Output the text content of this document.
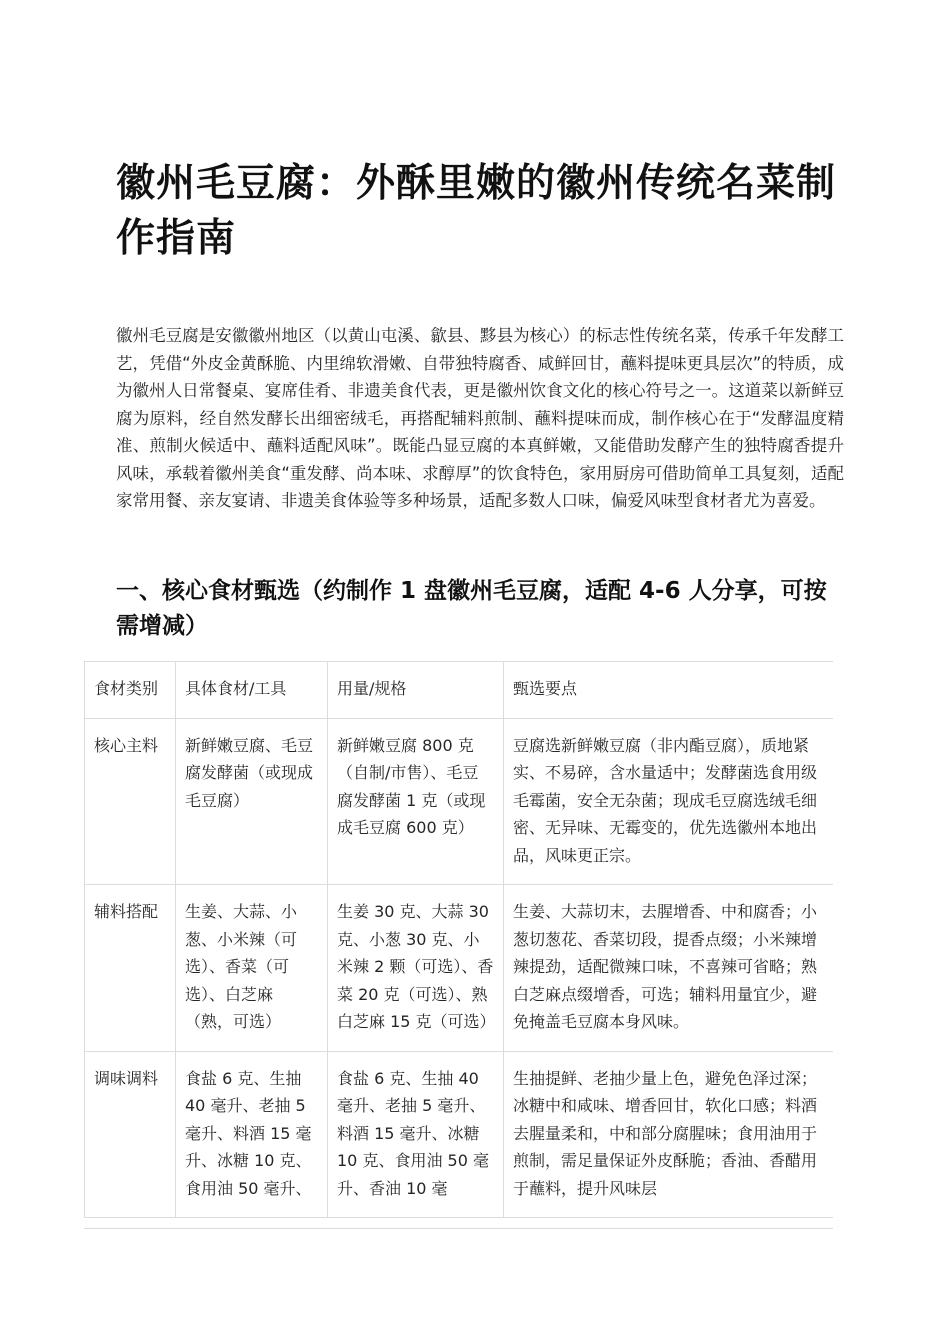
徽州毛豆腐：外酥里嫩的徽州传统名菜制作指南

徽州毛豆腐是安徽徽州地区（以黄山屯溪、歙县、黟县为核心）的标志性传统名菜，传承千年发酵工艺，凭借“外皮金黄酥脆、内里绵软滑嫩、自带独特腐香、咸鲜回甘，蘸料提味更具层次”的特质，成为徽州人日常餐桌、宴席佳肴、非遗美食代表，更是徽州饮食文化的核心符号之一。这道菜以新鲜豆腐为原料，经自然发酵长出细密绒毛，再搭配辅料煎制、蘸料提味而成，制作核心在于“发酵温度精准、煎制火候适中、蘸料适配风味”。既能凸显豆腐的本真鲜嫩，又能借助发酵产生的独特腐香提升风味，承载着徽州美食“重发酵、尚本味、求醇厚”的饮食特色，家用厨房可借助简单工具复刻，适配家常用餐、亲友宴请、非遗美食体验等多种场景，适配多数人口味，偏爱风味型食材者尤为喜爱。

一、核心食材甄选（约制作 1 盘徽州毛豆腐，适配 4-6 人分享，可按需增减）
食材类别	具体食材/工具	用量/规格	甄选要点
核心主料	新鲜嫩豆腐、毛豆腐发酵菌（或现成毛豆腐）	新鲜嫩豆腐 800 克（自制/市售）、毛豆腐发酵菌 1 克（或现成毛豆腐 600 克）	豆腐选新鲜嫩豆腐（非内酯豆腐），质地紧实、不易碎，含水量适中；发酵菌选食用级毛霉菌，安全无杂菌；现成毛豆腐选绒毛细密、无异味、无霉变的，优先选徽州本地出品，风味更正宗。
辅料搭配	生姜、大蒜、小葱、小米辣（可选）、香菜（可选）、白芝麻（熟，可选）	生姜 30 克、大蒜 30 克、小葱 30 克、小米辣 2 颗（可选）、香菜 20 克（可选）、熟白芝麻 15 克（可选）	生姜、大蒜切末，去腥增香、中和腐香；小葱切葱花、香菜切段，提香点缀；小米辣增辣提劲，适配微辣口味，不喜辣可省略；熟白芝麻点缀增香，可选；辅料用量宜少，避免掩盖毛豆腐本身风味。
调味调料	食盐 6 克、生抽 40 毫升、老抽 5 毫升、料酒 15 毫升、冰糖 10 克、食用油 50 毫升、	食盐 6 克、生抽 40 毫升、老抽 5 毫升、料酒 15 毫升、冰糖 10 克、食用油 50 毫升、香油 10 毫	生抽提鲜、老抽少量上色，避免色泽过深；冰糖中和咸味、增香回甘，软化口感；料酒去腥量柔和，中和部分腐腥味；食用油用于煎制，需足量保证外皮酥脆；香油、香醋用于蘸料，提升风味层
